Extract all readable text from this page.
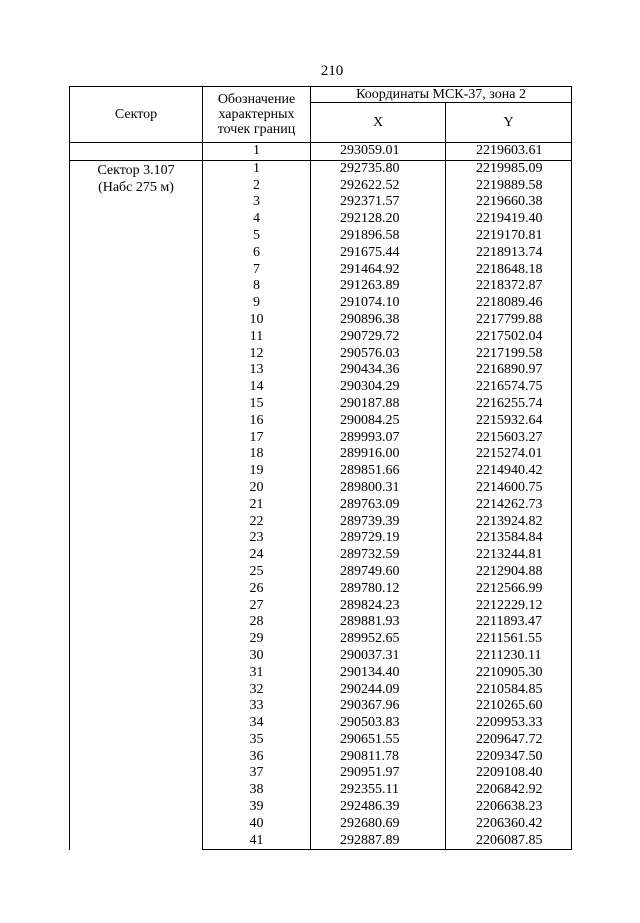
210
Сектор	Обозначение
характерных
точек границ	Координаты МСК-37, зона 2	
		X	Y
	1	293059.01	2219603.61

Сектор 3.107
(Набс 275 м)	1	292735.80	2219985.09
	2	292622.52	2219889.58
	3	292371.57	2219660.38
	4	292128.20	2219419.40
	5	291896.58	2219170.81
	6	291675.44	2218913.74
	7	291464.92	2218648.18
	8	291263.89	2218372.87
	9	291074.10	2218089.46
	10	290896.38	2217799.88
	11	290729.72	2217502.04
	12	290576.03	2217199.58
	13	290434.36	2216890.97
	14	290304.29	2216574.75
	15	290187.88	2216255.74
	16	290084.25	2215932.64
	17	289993.07	2215603.27
	18	289916.00	2215274.01
	19	289851.66	2214940.42
	20	289800.31	2214600.75
	21	289763.09	2214262.73
	22	289739.39	2213924.82
	23	289729.19	2213584.84
	24	289732.59	2213244.81
	25	289749.60	2212904.88
	26	289780.12	2212566.99
	27	289824.23	2212229.12
	28	289881.93	2211893.47
	29	289952.65	2211561.55
	30	290037.31	2211230.11
	31	290134.40	2210905.30
	32	290244.09	2210584.85
	33	290367.96	2210265.60
	34	290503.83	2209953.33
	35	290651.55	2209647.72
	36	290811.78	2209347.50
	37	290951.97	2209108.40
	38	292355.11	2206842.92
	39	292486.39	2206638.23
	40	292680.69	2206360.42
	41	292887.89	2206087.85
